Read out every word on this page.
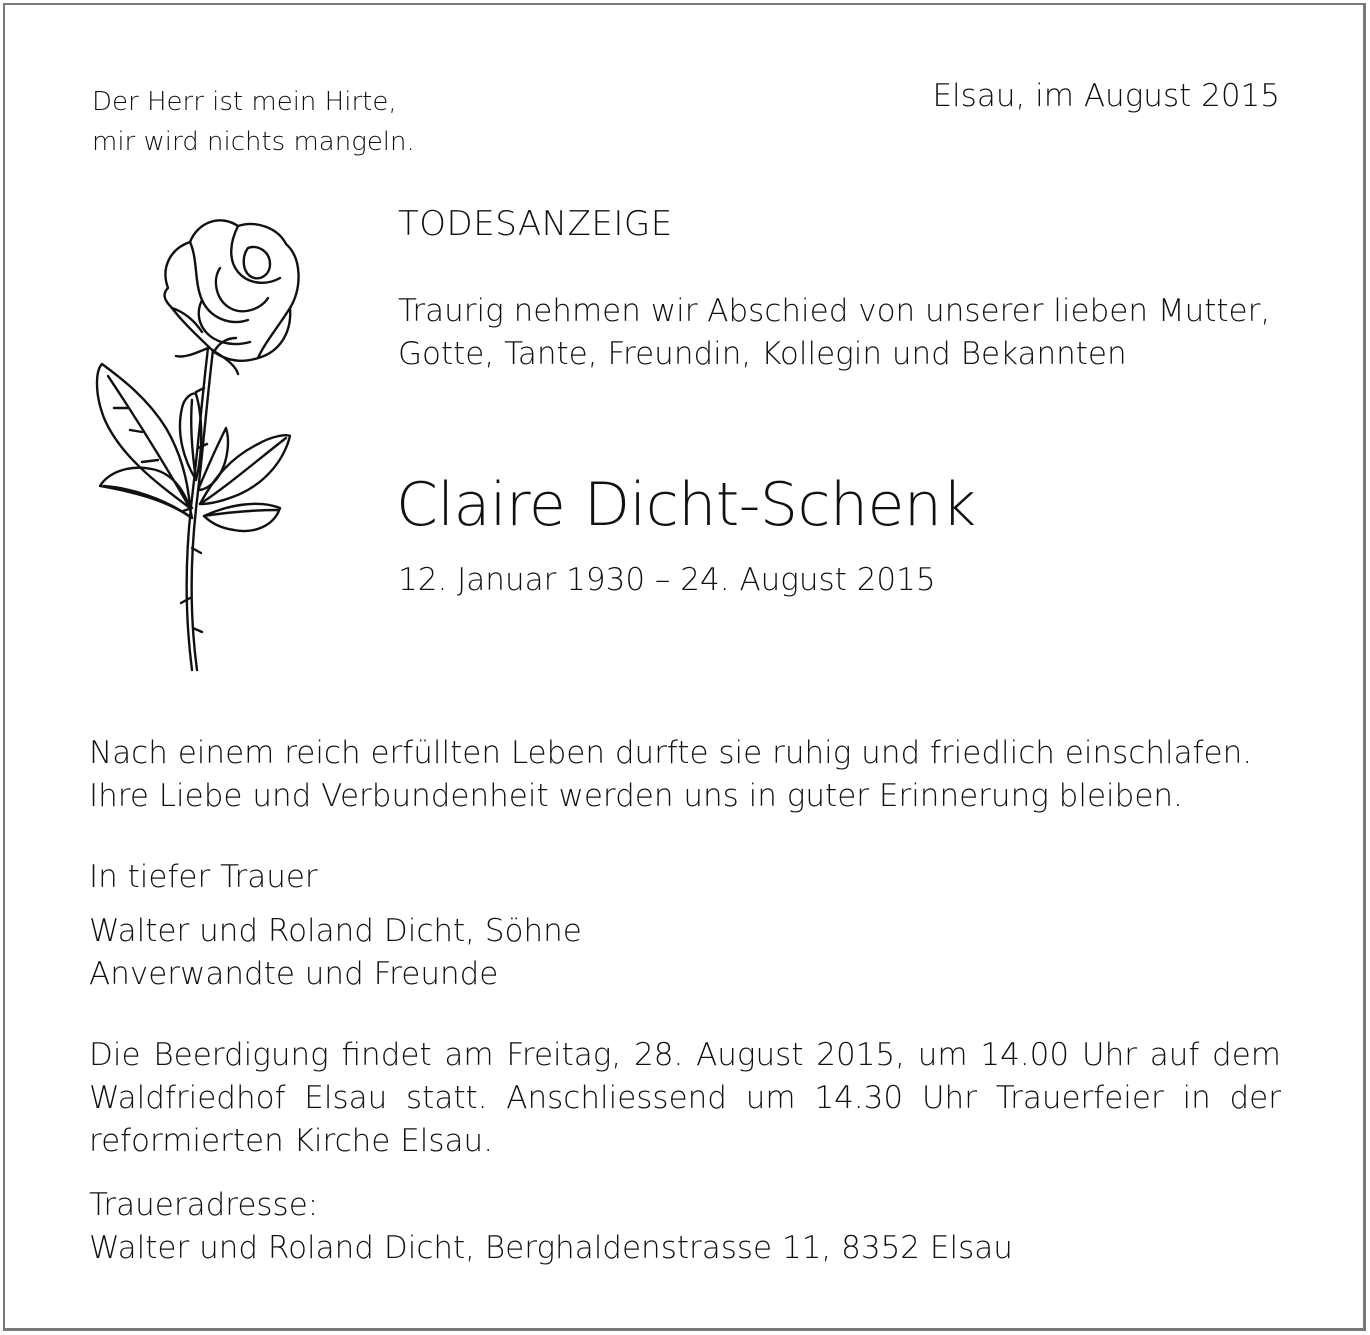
Der Herr ist mein Hirte,
mir wird nichts mangeln.
Elsau, im August 2015
TODESANZEIGE
Traurig nehmen wir Abschied von unserer lieben Mutter,
Gotte, Tante, Freundin, Kollegin und Bekannten
Claire Dicht-Schenk
12. Januar 1930 – 24. August 2015
Nach einem reich erfüllten Leben durfte sie ruhig und friedlich einschlafen.
Ihre Liebe und Verbundenheit werden uns in guter Erinnerung bleiben.
In tiefer Trauer
Walter und Roland Dicht, Söhne
Anverwandte und Freunde
Die Beerdigung findet am Freitag, 28. August 2015, um 14.00 Uhr auf dem Waldfriedhof Elsau statt. Anschliessend um 14.30 Uhr Trauerfeier in der reformierten Kirche Elsau.
Traueradresse:
Walter und Roland Dicht, Berghaldenstrasse 11, 8352 Elsau
